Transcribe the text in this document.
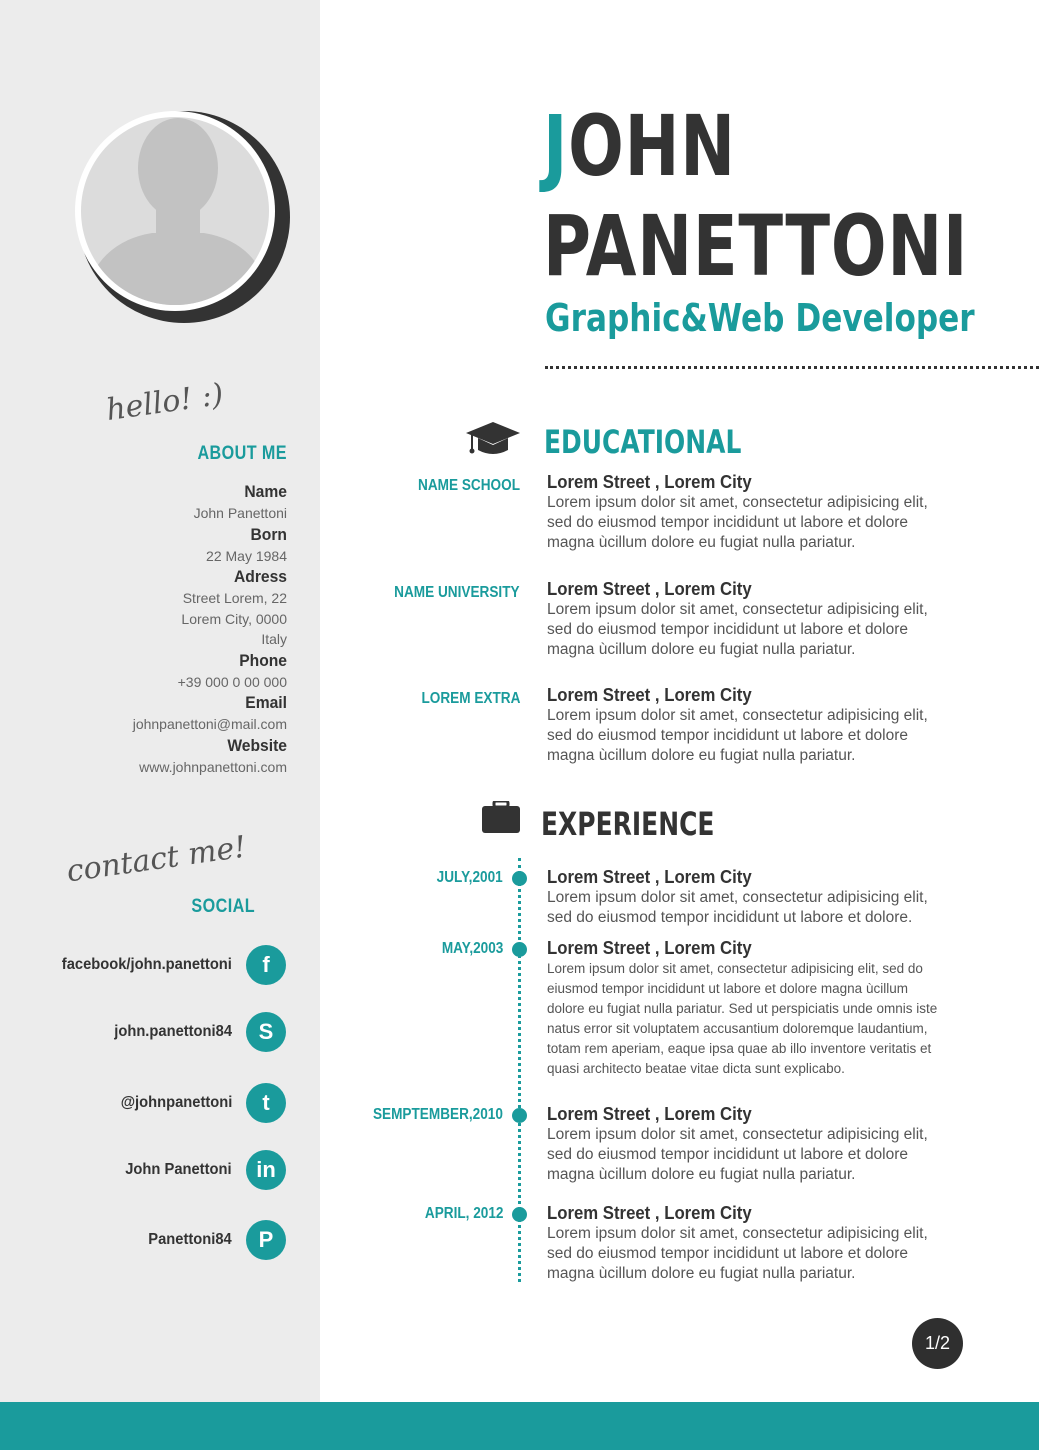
hello! :)
ABOUT ME
Name
John Panettoni
Born
22 May 1984
Adress
Street Lorem, 22
Lorem City, 0000
Italy
Phone
+39 000 0 00 000
Email
johnpanettoni@mail.com
Website
www.johnpanettoni.com
contact me!
SOCIAL
facebook/john.panettoni	f
john.panettoni84	S
@johnpanettoni	t
John Panettoni	in
Panettoni84	P
JOHN
PANETTONI
Graphic&Web Developer
EDUCATIONAL
NAME SCHOOL Lorem Street , Lorem City
Lorem ipsum dolor sit amet, consectetur adipisicing elit, sed do eiusmod tempor incididunt ut labore et dolore magna ùcillum dolore eu fugiat nulla pariatur.
NAME UNIVERSITY Lorem Street , Lorem City
Lorem ipsum dolor sit amet, consectetur adipisicing elit, sed do eiusmod tempor incididunt ut labore et dolore magna ùcillum dolore eu fugiat nulla pariatur.
LOREM EXTRA Lorem Street , Lorem City
Lorem ipsum dolor sit amet, consectetur adipisicing elit, sed do eiusmod tempor incididunt ut labore et dolore magna ùcillum dolore eu fugiat nulla pariatur.
EXPERIENCE
JULY,2001 Lorem Street , Lorem City
Lorem ipsum dolor sit amet, consectetur adipisicing elit, sed do eiusmod tempor incididunt ut labore et dolore.
MAY,2003 Lorem Street , Lorem City
Lorem ipsum dolor sit amet, consectetur adipisicing elit, sed do eiusmod tempor incididunt ut labore et dolore magna ùcillum dolore eu fugiat nulla pariatur. Sed ut perspiciatis unde omnis iste natus error sit voluptatem accusantium doloremque laudantium, totam rem aperiam, eaque ipsa quae ab illo inventore veritatis et quasi architecto beatae vitae dicta sunt explicabo.
SEMPTEMBER,2010 Lorem Street , Lorem City
Lorem ipsum dolor sit amet, consectetur adipisicing elit, sed do eiusmod tempor incididunt ut labore et dolore magna ùcillum dolore eu fugiat nulla pariatur.
APRIL, 2012 Lorem Street , Lorem City
Lorem ipsum dolor sit amet, consectetur adipisicing elit, sed do eiusmod tempor incididunt ut labore et dolore magna ùcillum dolore eu fugiat nulla pariatur.
1/2
